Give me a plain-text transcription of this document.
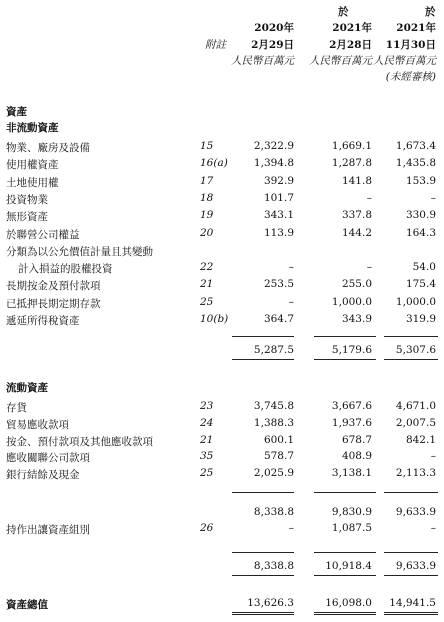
於	於
2020年	2021年 2021年
附註 2月29日	2月28日 11月30日
人民幣百萬元 人民幣百萬元 人民幣百萬元
(未經審核)
資產
非流動資產
物業、廠房及設備	15	2,322.9	1,669.1 1,673.4
使用權資產	16(a)	1,394.8	1,287.8 1,435.8
土地使用權	17	392.9	141.8	153.9
投資物業	18	101.7	–	–
無形資產	19	343.1	337.8	330.9
於聯營公司權益	20	113.9	144.2	164.3
分類為以公允價值計量且其變動
計入損益的股權投資	22	–	–	54.0
長期按金及預付款項	21	253.5	255.0	175.4
已抵押長期定期存款	25	–	1,000.0 1,000.0
遞延所得稅資產	10(b)	364.7	343.9	319.9
5,287.5	5,179.6 5,307.6
流動資產
存貨	23	3,745.8	3,667.6 4,671.0
貿易應收款項	24	1,388.3	1,937.6 2,007.5
按金、預付款項及其他應收款項	21	600.1	678.7	842.1
應收關聯公司款項	35	578.7	408.9	–
銀行結餘及現金	25	2,025.9	3,138.1 2,113.3
8,338.8	9,830.9 9,633.9
持作出讓資產組別	26	–	1,087.5	–
8,338.8	10,918.4 9,633.9
資產總值	13,626.3	16,098.0 14,941.5
